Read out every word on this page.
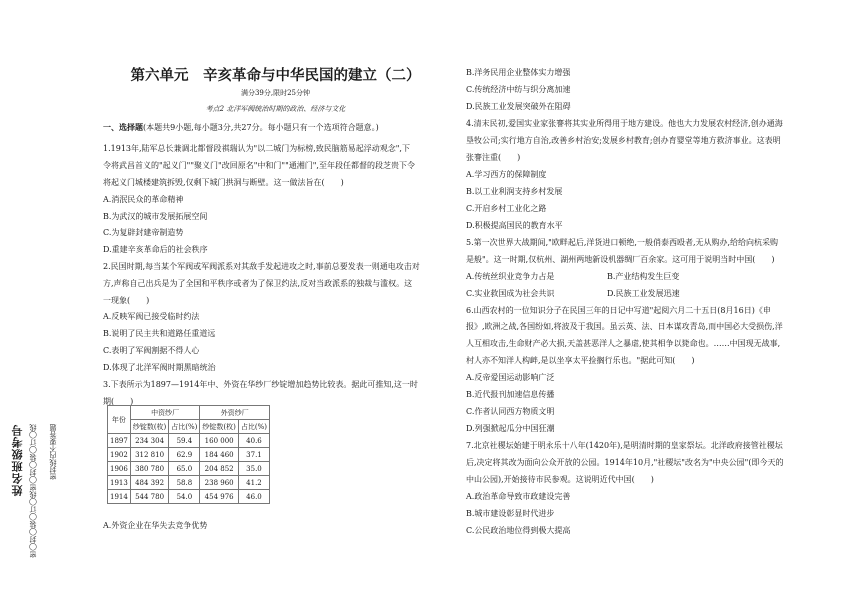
姓名班级考号 密◯封◯装◯订◯线密◯封◯装◯订◯线 密封线内不要答题
第六单元　辛亥革命与中华民国的建立（二）
满分39分,限时25分钟
考点2 北洋军阀统治时期的政治、经济与文化
一、选择题(本题共9小题,每小题3分,共27分。每小题只有一个选项符合题意。)
1.1913年,陆军总长兼调北都督段祺瑞认为"以二城门为标榜,致民脑筋易起浮动观念",下
令将武昌首义的"起义门""聚义门"改回原名"中和门""通湘门",至年段任都督的段芝贵下令
将起义门城楼建筑拆毁,仅剩下城门拱洞与断壁。这一做法旨在(　　)
A.消泯民众的革命精神
B.为武汉的城市发展拓展空间
C.为复辟封建帝制造势
D.重建辛亥革命后的社会秩序
2.民国时期,每当某个军阀或军阀派系对其敌手发起进攻之时,事前总要发表一则通电攻击对
方,声称自己出兵是为了全国和平秩序或者为了保卫约法,反对当政派系的独裁与滥权。这
一现象(　　)
A.反映军阀已接受临时约法
B.说明了民主共和道路任重道远
C.表明了军阀割据不得人心
D.体现了北洋军阀时期黑暗统治
3.下表所示为1897—1914年中、外资在华纱厂纱锭增加趋势比较表。据此可推知,这一时
期(　　)
A.外资企业在华失去竞争优势
年份	中资纱厂		外资纱厂	
	纱锭数(枚)	占比(%)	纱锭数(枚)	占比(%)
1897	234 304	59.4	160 000	40.6
1902	312 810	62.9	184 460	37.1
1906	380 780	65.0	204 852	35.0
1913	484 392	58.8	238 960	41.2
1914	544 780	54.0	454 976	46.0
B.洋务民用企业整体实力增强
C.传统经济中纺与织分离加速
D.民族工业发展突破外在阻碍
4.清末民初,爱国实业家张謇将其实业所得用于地方建设。他也大力发展农村经济,创办通海
垦牧公司;实行地方自治,改善乡村治安;发展乡村教育;创办育婴堂等地方救济事业。这表明
张謇注重(　　)
A.学习西方的保障制度
B.以工业利润支持乡村发展
C.开启乡村工业化之路
D.积极提高国民的教育水平
5.第一次世界大战期间,"欧畔起后,洋货进口顿绝,一般俏泰西殴者,无从购办,给给向杭采购
是般"。这一时期,仅杭州、湖州两地新设机器绸厂百余家。这可用于说明当时中国(　　)
A.传统丝织业竞争力占是	B.产业结构发生巨变
C.实业救国成为社会共识	D.民族工业发展迅速
6.山西农村的一位知识分子在民国三年的日记中写道"起阅六月二十五日(8月16日)《申
报》,欧洲之战,各国纷如,将波及于我国。虽云英、法、日本谋攻青岛,而中国必大受损伤,洋
人互相攻击,生命财产必大损,天盖甚恶洋人之暴虐,使其相争以毙命也。……中国现无战事,
村人亦不知洋人构衅,是以坐享太平捡搁行乐也。"据此可知(　　)
A.反帝爱国运动影响广泛
B.近代报刊加速信息传播
C.作者认同西方物质文明
D.列强掀起瓜分中国狂潮
7.北京社稷坛始建于明永乐十八年(1420年),是明清时期的皇家祭坛。北洋政府接管社稷坛
后,决定将其改为面向公众开放的公园。1914年10月,"社稷坛"改名为"中央公园"(即今天的
中山公园),开始接待市民参观。这说明近代中国(　　)
A.政治革命导致市政建设完善
B.城市建设彰显时代进步
C.公民政治地位得到极大提高
